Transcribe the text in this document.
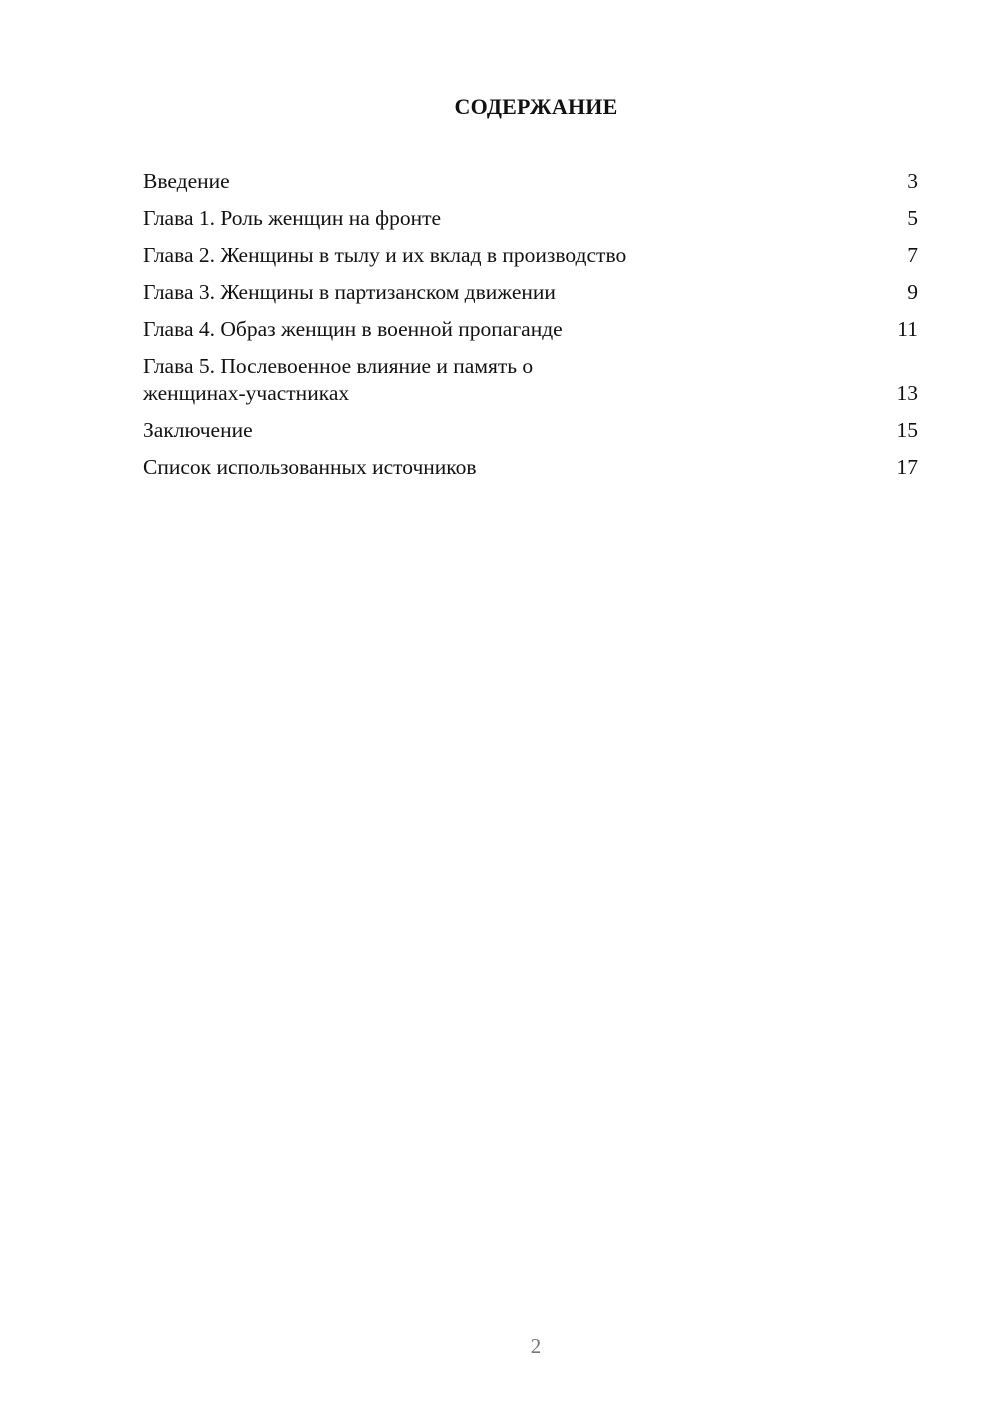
СОДЕРЖАНИЕ
Введение	3
Глава 1. Роль женщин на фронте	5
Глава 2. Женщины в тылу и их вклад в производство	7
Глава 3. Женщины в партизанском движении	9
Глава 4. Образ женщин в военной пропаганде	11
Глава 5. Послевоенное влияние и память о женщинах-участниках	13
Заключение	15
Список использованных источников	17
2
